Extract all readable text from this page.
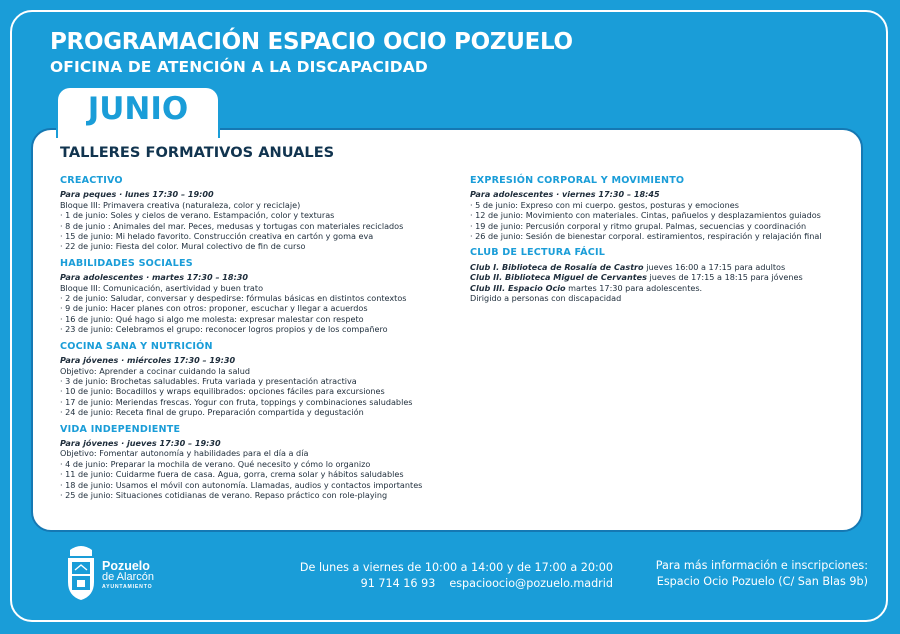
PROGRAMACIÓN ESPACIO OCIO POZUELO
OFICINA DE ATENCIÓN A LA DISCAPACIDAD
JUNIO
TALLERES FORMATIVOS ANUALES
CREACTIVO
Para peques · lunes 17:30 – 19:00
Bloque III: Primavera creativa (naturaleza, color y reciclaje)
· 1 de junio: Soles y cielos de verano. Estampación, color y texturas
· 8 de junio : Animales del mar. Peces, medusas y tortugas con materiales reciclados
· 15 de junio: Mi helado favorito. Construcción creativa en cartón y goma eva
· 22 de junio: Fiesta del color. Mural colectivo de fin de curso
HABILIDADES SOCIALES
Para adolescentes · martes 17:30 – 18:30
Bloque III: Comunicación, asertividad y buen trato
· 2 de junio: Saludar, conversar y despedirse: fórmulas básicas en distintos contextos
· 9 de junio: Hacer planes con otros: proponer, escuchar y llegar a acuerdos
· 16 de junio: Qué hago si algo me molesta: expresar malestar con respeto
· 23 de junio: Celebramos el grupo: reconocer logros propios y de los compañero
COCINA SANA Y NUTRICIÓN
Para jóvenes · miércoles 17:30 – 19:30
Objetivo: Aprender a cocinar cuidando la salud
· 3 de junio: Brochetas saludables. Fruta variada y presentación atractiva
· 10 de junio: Bocadillos y wraps equilibrados: opciones fáciles para excursiones
· 17 de junio: Meriendas frescas. Yogur con fruta, toppings y combinaciones saludables
· 24 de junio: Receta final de grupo. Preparación compartida y degustación
VIDA INDEPENDIENTE
Para jóvenes · jueves 17:30 – 19:30
Objetivo: Fomentar autonomía y habilidades para el día a día
· 4 de junio: Preparar la mochila de verano. Qué necesito y cómo lo organizo
· 11 de junio: Cuidarme fuera de casa. Agua, gorra, crema solar y hábitos saludables
· 18 de junio: Usamos el móvil con autonomía. Llamadas, audios y contactos importantes
· 25 de junio: Situaciones cotidianas de verano. Repaso práctico con role-playing
EXPRESIÓN CORPORAL Y MOVIMIENTO
Para adolescentes · viernes 17:30 – 18:45
· 5 de junio: Expreso con mi cuerpo. gestos, posturas y emociones
· 12 de junio: Movimiento con materiales. Cintas, pañuelos y desplazamientos guiados
· 19 de junio: Percusión corporal y ritmo grupal. Palmas, secuencias y coordinación
· 26 de junio: Sesión de bienestar corporal. estiramientos, respiración y relajación final
CLUB DE LECTURA FÁCIL
Club I. Biblioteca de Rosalía de Castro jueves 16:00 a 17:15 para adultos
Club II. Biblioteca Miguel de Cervantes jueves de 17:15 a 18:15 para jóvenes
Club III. Espacio Ocio martes 17:30 para adolescentes.
Dirigido a personas con discapacidad
Pozuelo
de Alarcón
AYUNTAMIENTO
De lunes a viernes de 10:00 a 14:00 y de 17:00 a 20:00
91 714 16 93 espacioocio@pozuelo.madrid
Para más información e inscripciones:
Espacio Ocio Pozuelo (C/ San Blas 9b)
